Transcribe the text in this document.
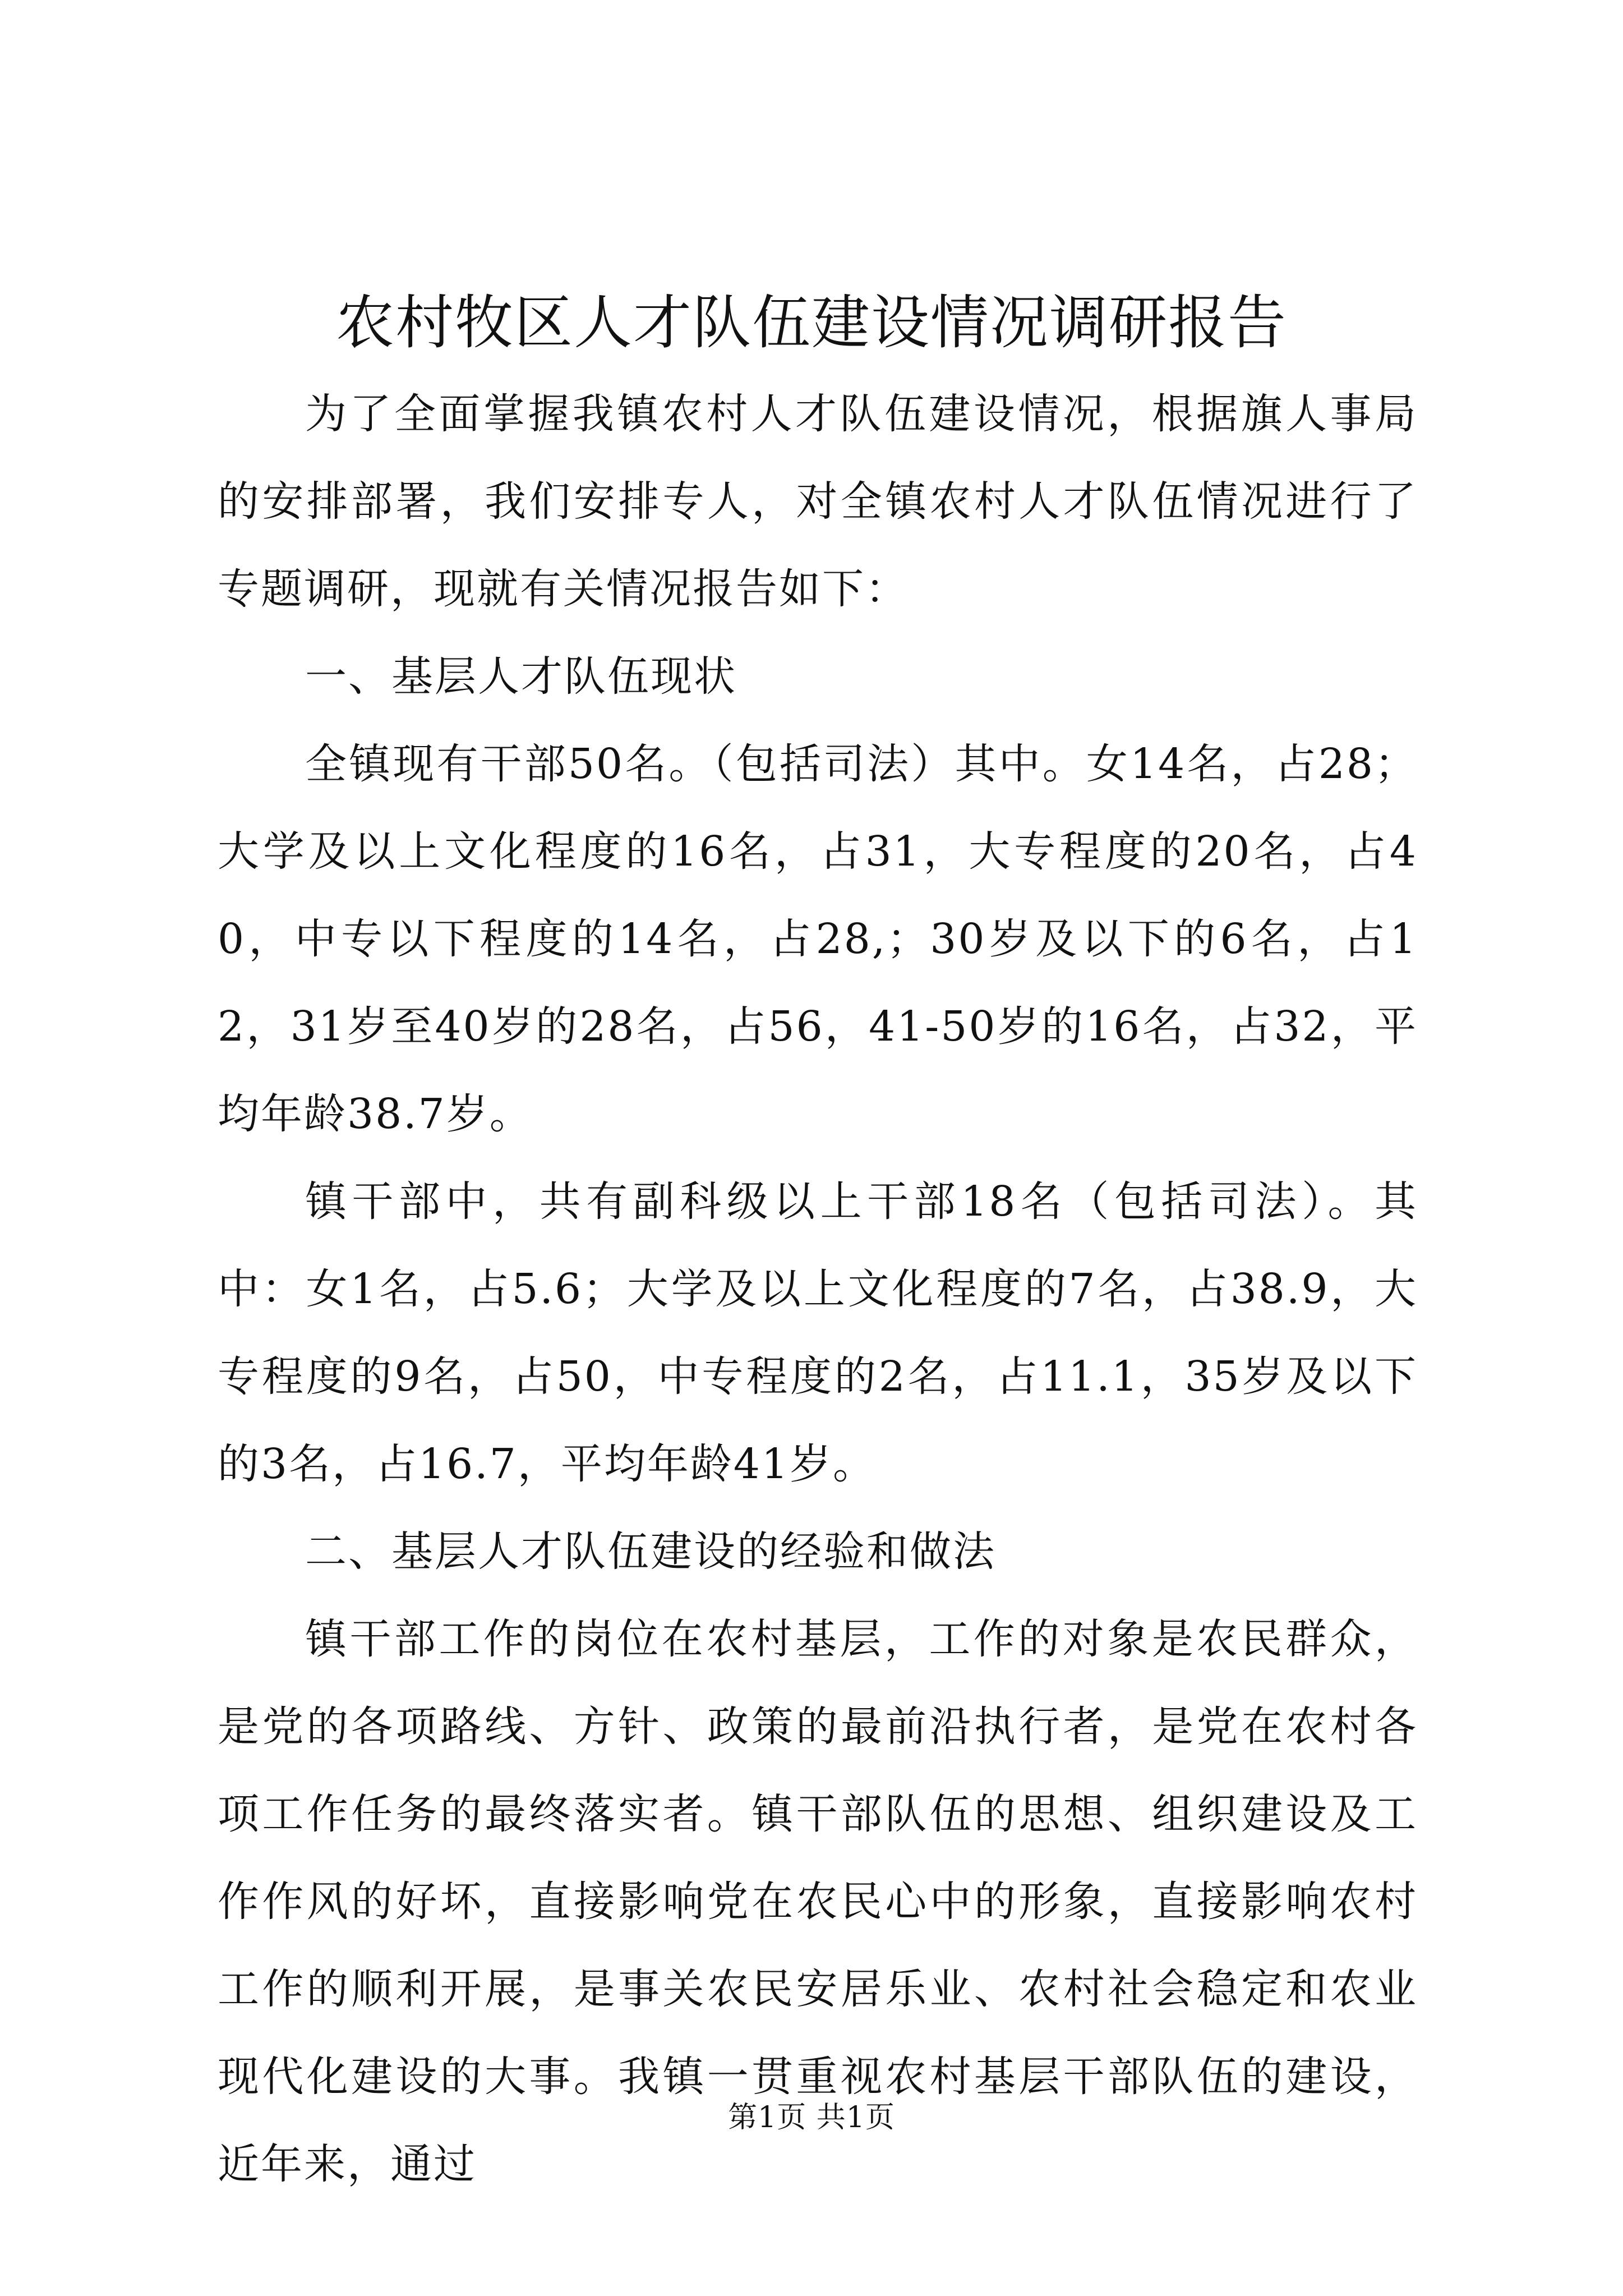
农村牧区人才队伍建设情况调研报告

为了全面掌握我镇农村人才队伍建设情况，根据旗人事局的安排部署，我们安排专人，对全镇农村人才队伍情况进行了专题调研，现就有关情况报告如下：

一、基层人才队伍现状

全镇现有干部50名。（包括司法）其中。女14名，占28；大学及以上文化程度的16名，占31，大专程度的20名，占40，中专以下程度的14名，占28,；30岁及以下的6名，占12，31岁至40岁的28名，占56，41-50岁的16名，占32，平均年龄38.7岁。

镇干部中，共有副科级以上干部18名（包括司法）。其中：女1名，占5.6；大学及以上文化程度的7名，占38.9，大专程度的9名，占50，中专程度的2名，占11.1，35岁及以下的3名，占16.7，平均年龄41岁。

二、基层人才队伍建设的经验和做法

镇干部工作的岗位在农村基层，工作的对象是农民群众，是党的各项路线、方针、政策的最前沿执行者，是党在农村各项工作任务的最终落实者。镇干部队伍的思想、组织建设及工作作风的好坏，直接影响党在农民心中的形象，直接影响农村工作的顺利开展，是事关农民安居乐业、农村社会稳定和农业现代化建设的大事。我镇一贯重视农村基层干部队伍的建设，近年来，通过

第1页 共1页
